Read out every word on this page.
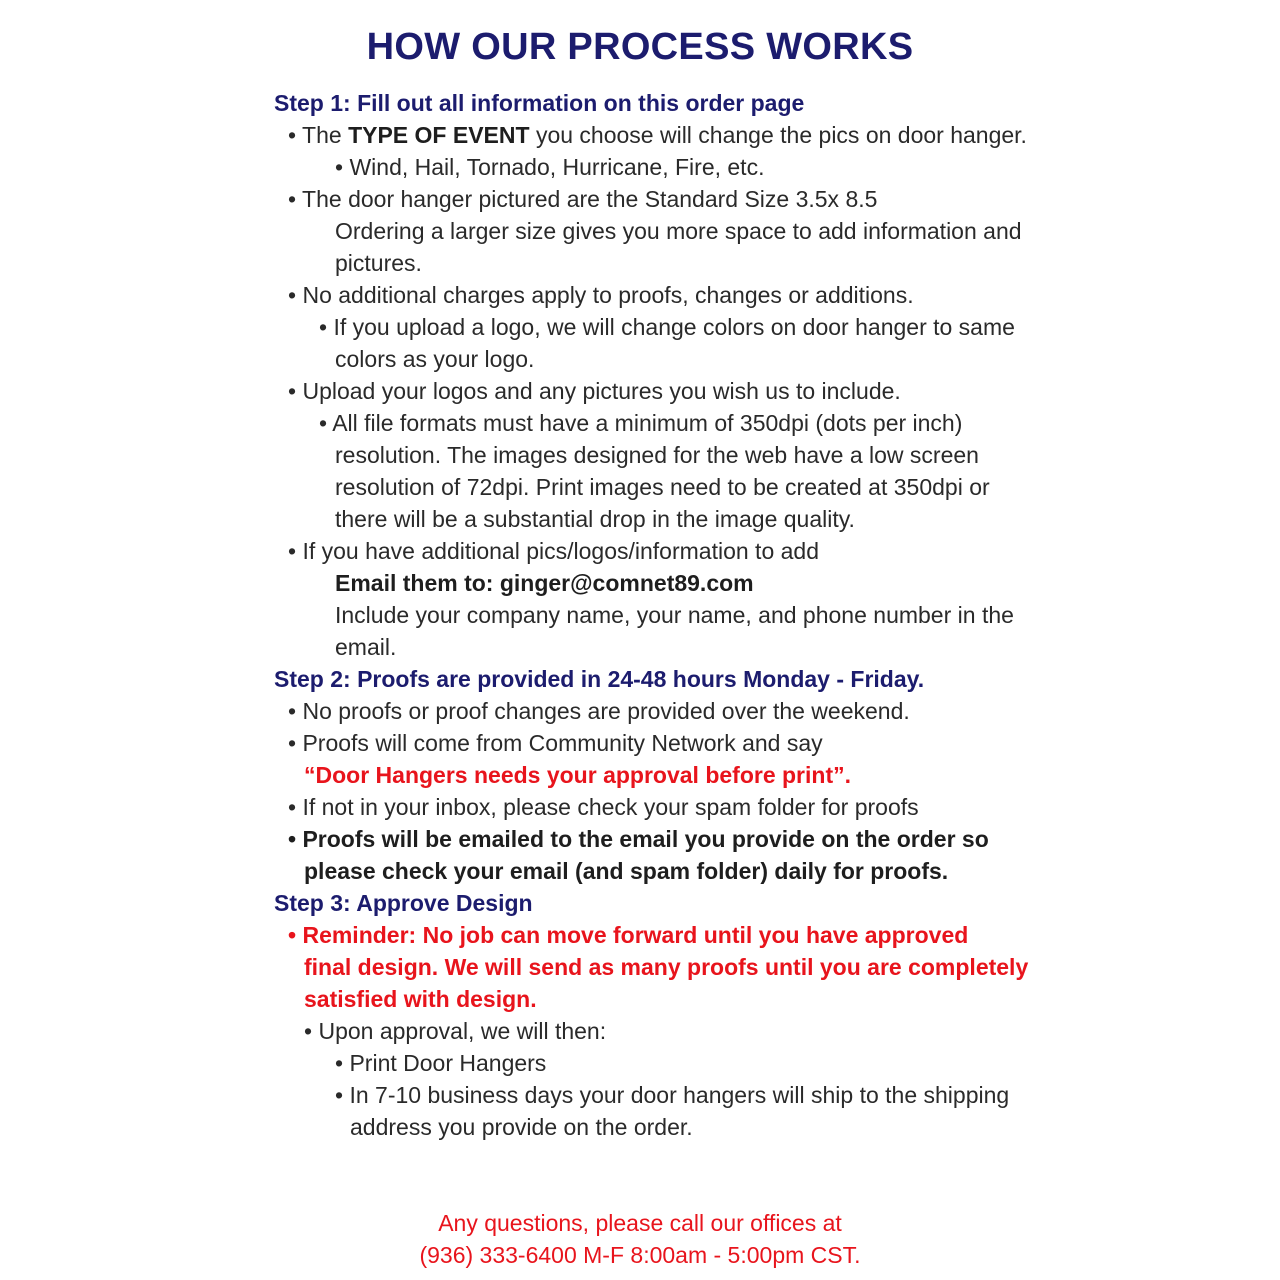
HOW OUR PROCESS WORKS
Step 1: Fill out all information on this order page
• The TYPE OF EVENT you choose will change the pics on door hanger.
• Wind, Hail, Tornado, Hurricane, Fire, etc.
• The door hanger pictured are the Standard Size 3.5x 8.5
Ordering a larger size gives you more space to add information and
pictures.
• No additional charges apply to proofs, changes or additions.
• If you upload a logo, we will change colors on door hanger to same
colors as your logo.
• Upload your logos and any pictures you wish us to include.
• All file formats must have a minimum of 350dpi (dots per inch)
resolution. The images designed for the web have a low screen
resolution of 72dpi. Print images need to be created at 350dpi or
there will be a substantial drop in the image quality.
• If you have additional pics/logos/information to add
Email them to: ginger@comnet89.com
Include your company name, your name, and phone number in the
email.
Step 2: Proofs are provided in 24-48 hours Monday - Friday.
• No proofs or proof changes are provided over the weekend.
• Proofs will come from Community Network and say
“Door Hangers needs your approval before print”.
• If not in your inbox, please check your spam folder for proofs
• Proofs will be emailed to the email you provide on the order so
please check your email (and spam folder) daily for proofs.
Step 3: Approve Design
• Reminder: No job can move forward until you have approved
final design. We will send as many proofs until you are completely
satisfied with design.
• Upon approval, we will then:
• Print Door Hangers
• In 7-10 business days your door hangers will ship to the shipping
address you provide on the order.
Any questions, please call our offices at
(936) 333-6400 M-F 8:00am - 5:00pm CST.
